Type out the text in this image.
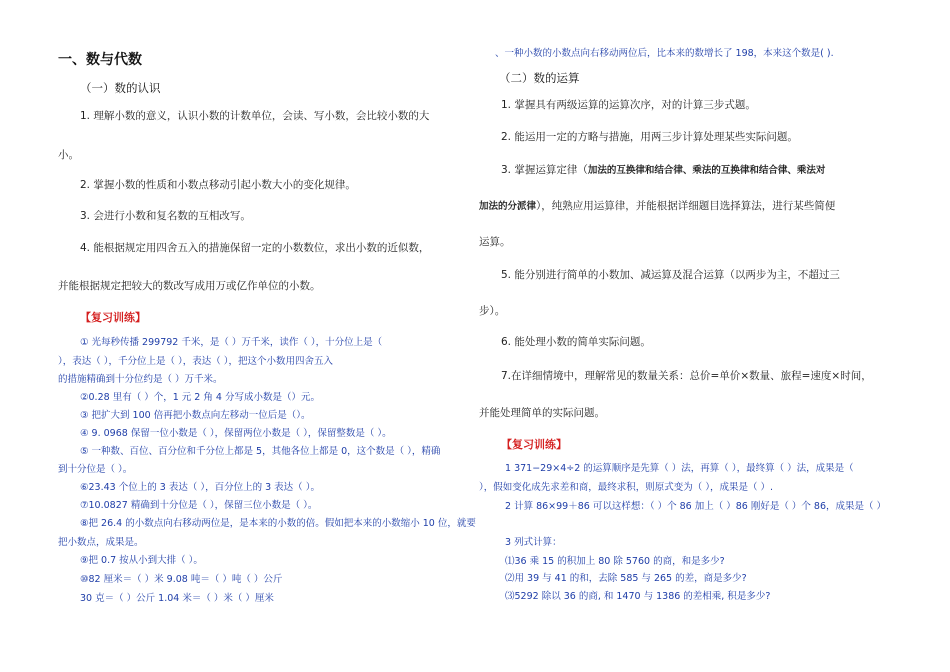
一、数与代数
（一）数的认识
1. 理解小数的意义，认识小数的计数单位，会读、写小数，会比较小数的大
小。
2. 掌握小数的性质和小数点移动引起小数大小的变化规律。
3. 会进行小数和复名数的互相改写。
4. 能根据规定用四舍五入的措施保留一定的小数数位，求出小数的近似数，
并能根据规定把较大的数改写成用万或亿作单位的小数。
【复习训练】
① 光每秒传播 299792 千米，是（ ）万千米，读作（ ），十分位上是（
），表达（ ），千分位上是（ ），表达（ ），把这个小数用四舍五入
的措施精确到十分位约是（ ）万千米。
②0.28 里有（ ）个，1 元 2 角 4 分写成小数是（）元。
③ 把扩大到 100 倍再把小数点向左移动一位后是（）。
④ 9. 0968 保留一位小数是（ ），保留两位小数是（ ），保留整数是（ ）。
⑤ 一种数、百位、百分位和千分位上都是 5，其他各位上都是 0，这个数是（ ），精确
到十分位是（ ）。
⑥23.43 个位上的 3 表达（ ），百分位上的 3 表达（ ）。
⑦10.0827 精确到十分位是（ ），保留三位小数是（ ）。
⑧把 26.4 的小数点向右移动两位是，是本来的小数的倍。假如把本来的小数缩小 10 位，就要
把小数点，成果是。
⑨把 0.7 按从小到大排（ ）。
⑩82 厘米＝（ ）米 9.08 吨＝（ ）吨（ ）公斤
30 克＝（ ）公斤 1.04 米＝（ ）米（ ）厘米
、一种小数的小数点向右移动两位后，比本来的数增长了 198，本来这个数是( ).
（二）数的运算
1. 掌握具有两级运算的运算次序，对的计算三步式题。
2. 能运用一定的方略与措施，用两三步计算处理某些实际问题。
3. 掌握运算定律（加法的互换律和结合律、乘法的互换律和结合律、乘法对
加法的分派律），纯熟应用运算律，并能根据详细题目选择算法，进行某些简便
运算。
5. 能分别进行简单的小数加、减运算及混合运算（以两步为主，不超过三
步）。
6. 能处理小数的简单实际问题。
7.在详细情境中，理解常见的数量关系：总价=单价×数量、旅程=速度×时间，
并能处理简单的实际问题。
【复习训练】
1 371−29×4÷2 的运算顺序是先算（ ）法，再算（ ），最终算（ ）法，成果是（
），假如变化成先求差和商，最终求积，则原式变为（ ），成果是（ ）.
2 计算 86×99＋86 可以这样想：（ ）个 86 加上（ ）86 刚好是（ ）个 86，成果是（ ）
3 列式计算：
⑴36 乘 15 的积加上 80 除 5760 的商，和是多少?
⑵用 39 与 41 的和，去除 585 与 265 的差，商是多少?
⑶5292 除以 36 的商, 和 1470 与 1386 的差相乘, 积是多少?
